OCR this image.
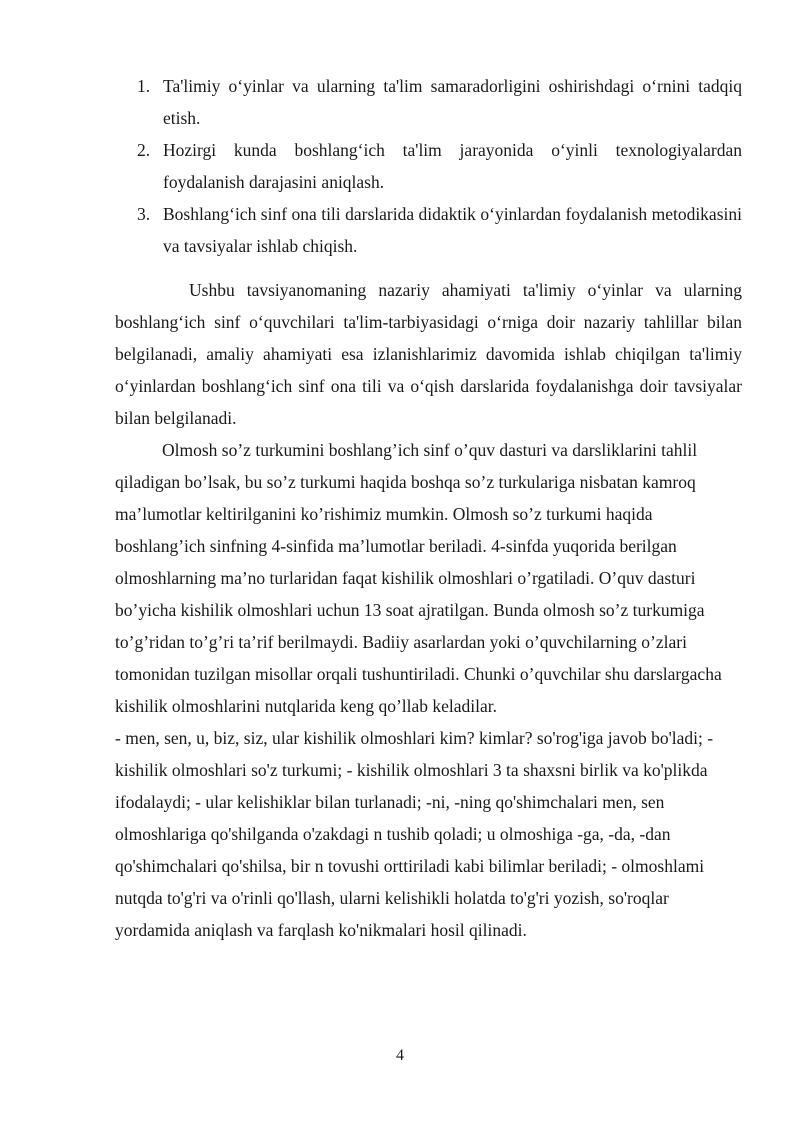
1. Ta'limiy o‘yinlar va ularning ta'lim samaradorligini oshirishdagi o‘rnini tadqiq etish.
2. Hozirgi kunda boshlang‘ich ta'lim jarayonida o‘yinli texnologiyalardan foydalanish darajasini aniqlash.
3. Boshlang‘ich sinf ona tili darslarida didaktik o‘yinlardan foydalanish metodikasini va tavsiyalar ishlab chiqish.

Ushbu tavsiyanomaning nazariy ahamiyati ta'limiy o‘yinlar va ularning boshlang‘ich sinf o‘quvchilari ta'lim-tarbiyasidagi o‘rniga doir nazariy tahlillar bilan belgilanadi, amaliy ahamiyati esa izlanishlarimiz davomida ishlab chiqilgan ta'limiy o‘yinlardan boshlang‘ich sinf ona tili va o‘qish darslarida foydalanishga doir tavsiyalar bilan belgilanadi.

Olmosh so’z turkumini boshlang’ich sinf o’quv dasturi va darsliklarini tahlil qiladigan bo’lsak, bu so’z turkumi haqida boshqa so’z turkulariga nisbatan kamroq ma’lumotlar keltirilganini ko’rishimiz mumkin. Olmosh so’z turkumi haqida boshlang’ich sinfning 4-sinfida ma’lumotlar beriladi. 4-sinfda yuqorida berilgan olmoshlarning ma’no turlaridan faqat kishilik olmoshlari o’rgatiladi. O’quv dasturi bo’yicha kishilik olmoshlari uchun 13 soat ajratilgan. Bunda olmosh so’z turkumiga to’g’ridan to’g’ri ta’rif berilmaydi. Badiiy asarlardan yoki o’quvchilarning o’zlari tomonidan tuzilgan misollar orqali tushuntiriladi. Chunki o’quvchilar shu darslargacha kishilik olmoshlarini nutqlarida keng qo’llab keladilar.

- men, sen, u, biz, siz, ular kishilik olmoshlari kim? kimlar? so'rog'iga javob bo'ladi; - kishilik olmoshlari so'z turkumi; - kishilik olmoshlari 3 ta shaxsni birlik va ko'plikda ifodalaydi; - ular kelishiklar bilan turlanadi; -ni, -ning qo'shimchalari men, sen olmoshlariga qo'shilganda o'zakdagi n tushib qoladi; u olmoshiga -ga, -da, -dan qo'shimchalari qo'shilsa, bir n tovushi orttiriladi kabi bilimlar beriladi; - olmoshlami nutqda to'g'ri va o'rinli qo'llash, ularni kelishikli holatda to'g'ri yozish, so'roqlar yordamida aniqlash va farqlash ko'nikmalari hosil qilinadi.

4
